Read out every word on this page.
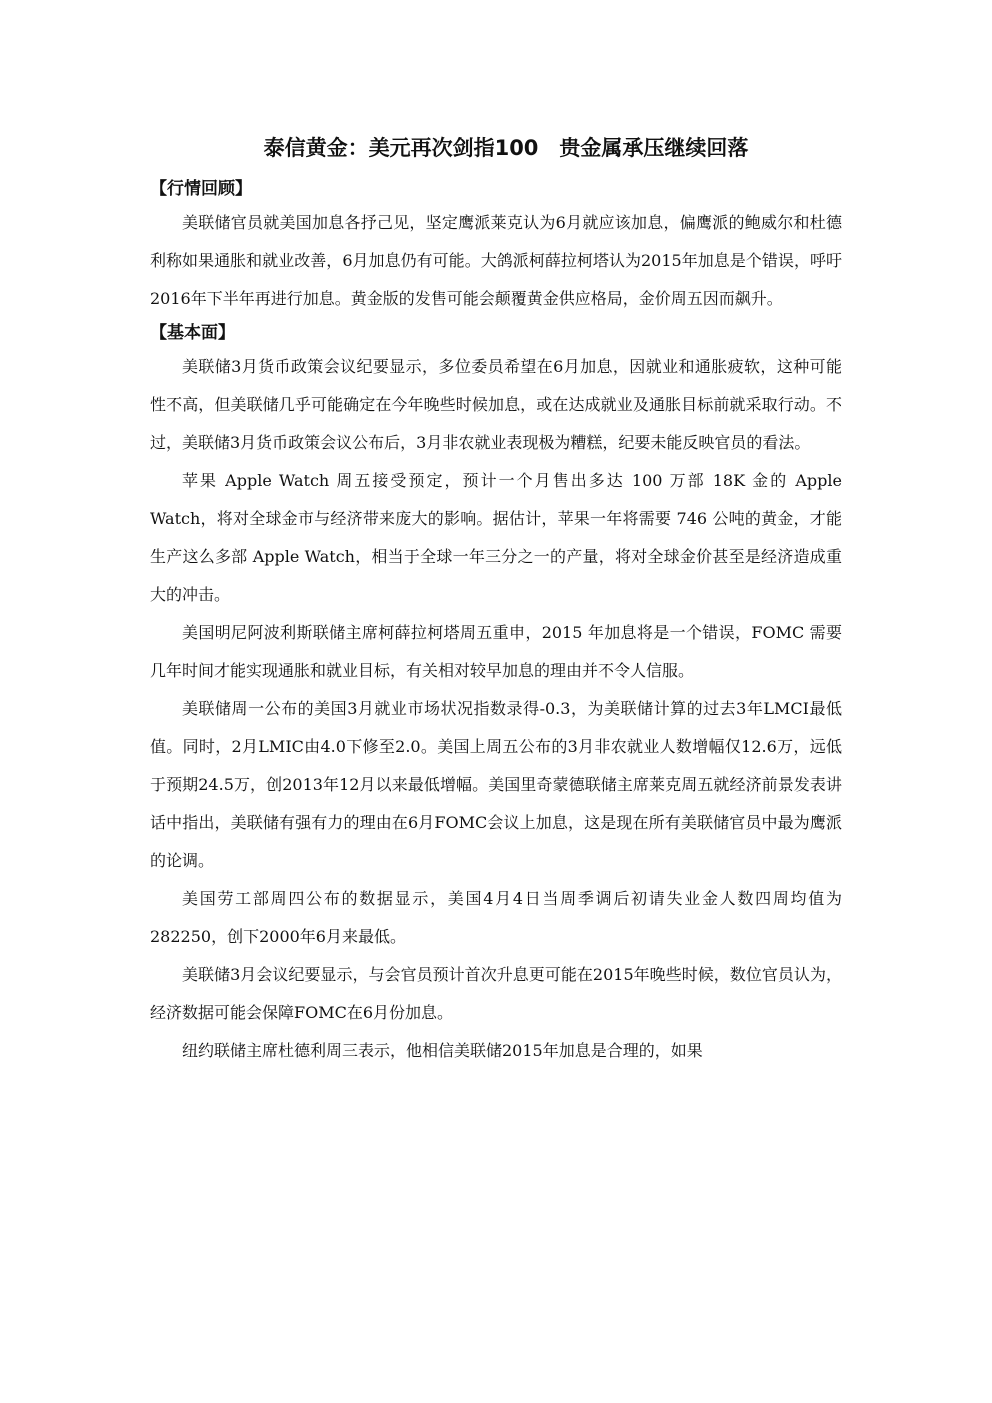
泰信黄金：美元再次剑指100　贵金属承压继续回落
【行情回顾】

美联储官员就美国加息各抒己见，坚定鹰派莱克认为6月就应该加息，偏鹰派的鲍威尔和杜德利称如果通胀和就业改善，6月加息仍有可能。大鸽派柯薛拉柯塔认为2015年加息是个错误，呼吁2016年下半年再进行加息。黄金版的发售可能会颠覆黄金供应格局，金价周五因而飙升。

【基本面】

美联储3月货币政策会议纪要显示，多位委员希望在6月加息，因就业和通胀疲软，这种可能性不高，但美联储几乎可能确定在今年晚些时候加息，或在达成就业及通胀目标前就采取行动。不过，美联储3月货币政策会议公布后，3月非农就业表现极为糟糕，纪要未能反映官员的看法。

苹果 Apple Watch 周五接受预定，预计一个月售出多达 100 万部 18K 金的 Apple Watch，将对全球金市与经济带来庞大的影响。据估计，苹果一年将需要 746 公吨的黄金，才能生产这么多部 Apple Watch，相当于全球一年三分之一的产量，将对全球金价甚至是经济造成重大的冲击。

美国明尼阿波利斯联储主席柯薛拉柯塔周五重申，2015 年加息将是一个错误，FOMC 需要几年时间才能实现通胀和就业目标，有关相对较早加息的理由并不令人信服。

美联储周一公布的美国3月就业市场状况指数录得-0.3，为美联储计算的过去3年LMCI最低值。同时，2月LMIC由4.0下修至2.0。美国上周五公布的3月非农就业人数增幅仅12.6万，远低于预期24.5万，创2013年12月以来最低增幅。美国里奇蒙德联储主席莱克周五就经济前景发表讲话中指出，美联储有强有力的理由在6月FOMC会议上加息，这是现在所有美联储官员中最为鹰派的论调。

美国劳工部周四公布的数据显示，美国4月4日当周季调后初请失业金人数四周均值为282250，创下2000年6月来最低。

美联储3月会议纪要显示，与会官员预计首次升息更可能在2015年晚些时候，数位官员认为，经济数据可能会保障FOMC在6月份加息。

纽约联储主席杜德利周三表示，他相信美联储2015年加息是合理的，如果
